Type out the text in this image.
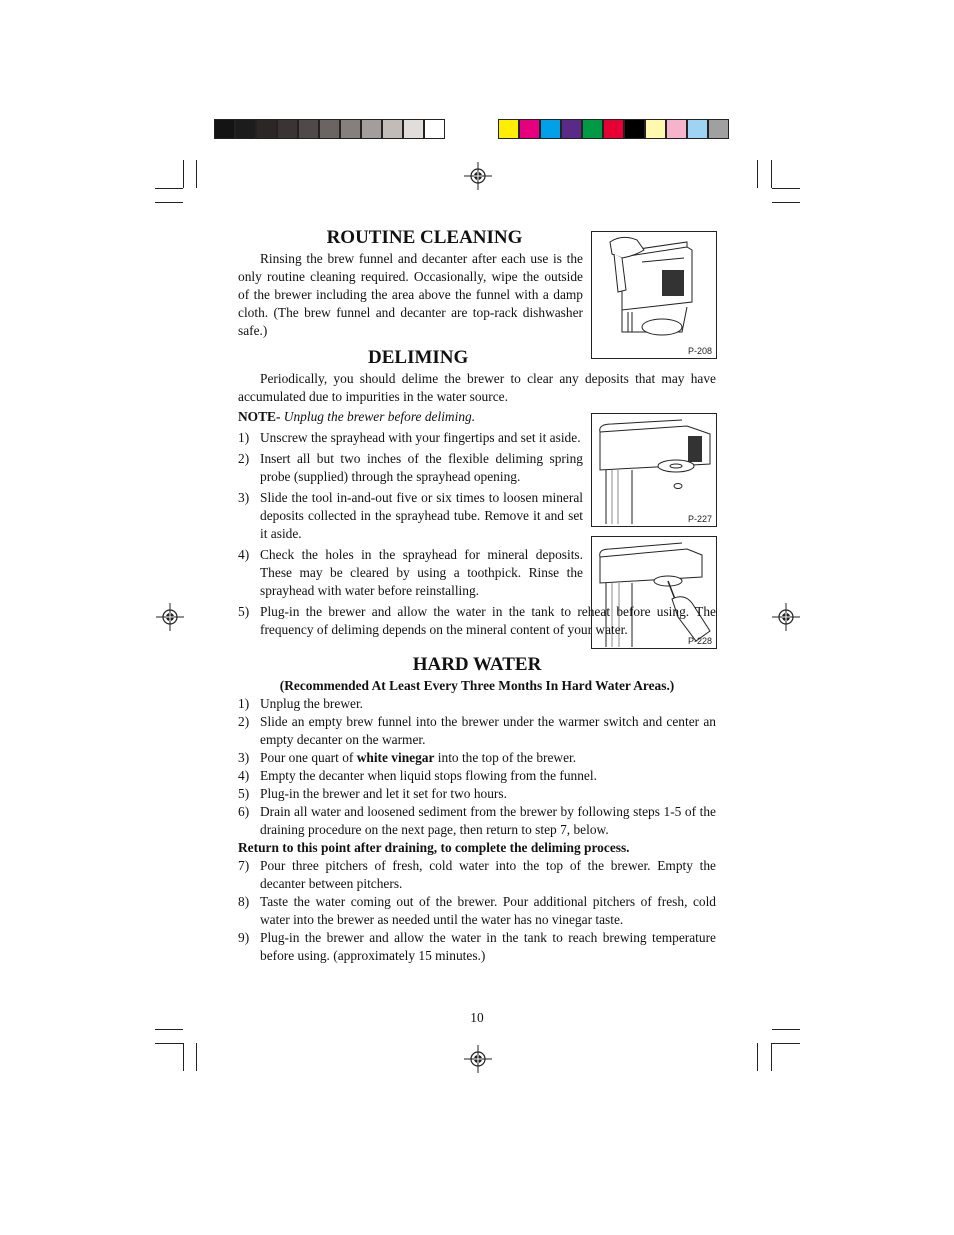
P-208
P-227
P-228
ROUTINE CLEANING

Rinsing the brew funnel and decanter after each use is the only routine cleaning required. Occasionally, wipe the outside of the brewer including the area above the funnel with a damp cloth. (The brew funnel and decanter are top-rack dishwasher safe.)

DELIMING

Periodically, you should delime the brewer to clear any deposits that may have accumulated due to impurities in the water source.

NOTE- Unplug the brewer before deliming.

1) Unscrew the sprayhead with your fingertips and set it aside.
2) Insert all but two inches of the flexible deliming spring probe (supplied) through the sprayhead opening.
3) Slide the tool in-and-out five or six times to loosen mineral deposits collected in the sprayhead tube. Remove it and set it aside.
4) Check the holes in the sprayhead for mineral deposits. These may be cleared by using a toothpick. Rinse the sprayhead with water before reinstalling.
5) Plug-in the brewer and allow the water in the tank to reheat before using. The frequency of deliming depends on the mineral content of your water.
HARD WATER
(Recommended At Least Every Three Months In Hard Water Areas.)
1) Unplug the brewer.
2) Slide an empty brew funnel into the brewer under the warmer switch and center an empty decanter on the warmer.
3) Pour one quart of white vinegar into the top of the brewer.
4) Empty the decanter when liquid stops flowing from the funnel.
5) Plug-in the brewer and let it set for two hours.
6) Drain all water and loosened sediment from the brewer by following steps 1-5 of the draining procedure on the next page, then return to step 7, below.

Return to this point after draining, to complete the deliming process.

7) Pour three pitchers of fresh, cold water into the top of the brewer. Empty the decanter between pitchers.
8) Taste the water coming out of the brewer. Pour additional pitchers of fresh, cold water into the brewer as needed until the water has no vinegar taste.
9) Plug-in the brewer and allow the water in the tank to reach brewing temperature before using. (approximately 15 minutes.)
10
